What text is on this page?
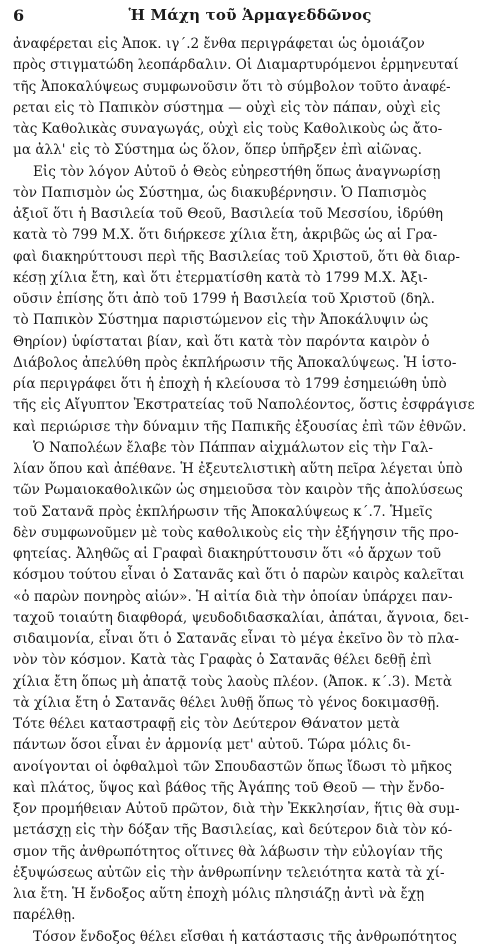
6	Ἡ Μάχη τοῦ Ἁρμαγεδδῶνος
ἀναφέρεται εἰς Ἀποκ. ιγ΄.2 ἔνθα περιγράφεται ὡς ὁμοιάζον
πρὸς στιγματώδη λεοπάρδαλιν. Οἱ Διαμαρτυρόμενοι ἑρμηνευταί
τῆς Ἀποκαλύψεως συμφωνοῦσιν ὅτι τὸ σύμβολον τοῦτο ἀναφέ-
ρεται εἰς τὸ Παπικὸν σύστημα — οὐχὶ εἰς τὸν πάπαν, οὐχὶ εἰς
τὰς Καθολικὰς συναγωγάς, οὐχὶ εἰς τοὺς Καθολικοὺς ὡς ἄτο-
μα ἀλλ' εἰς τὸ Σύστημα ὡς ὅλον, ὅπερ ὑπῆρξεν ἐπὶ αἰῶνας.
Εἰς τὸν λόγον Αὐτοῦ ὁ Θεὸς εὐηρεστήθη ὅπως ἀναγνωρίσῃ
τὸν Παπισμὸν ὡς Σύστημα, ὡς διακυβέρνησιν. Ὁ Παπισμὸς
ἀξιοῖ ὅτι ἡ Βασιλεία τοῦ Θεοῦ, Βασιλεία τοῦ Μεσσίου, ἱδρύθη
κατὰ τὸ 799 Μ.Χ. ὅτι διήρκεσε χίλια ἔτη, ἀκριβῶς ὡς αἱ Γρα-
φαὶ διακηρύττουσι περὶ τῆς Βασιλείας τοῦ Χριστοῦ, ὅτι θὰ διαρ-
κέσῃ χίλια ἔτη, καὶ ὅτι ἐτερματίσθη κατὰ τὸ 1799 Μ.Χ. Ἀξι-
οῦσιν ἐπίσης ὅτι ἀπὸ τοῦ 1799 ἡ Βασιλεία τοῦ Χριστοῦ (δηλ.
τὸ Παπικὸν Σύστημα παριστώμενον εἰς τὴν Ἀποκάλυψιν ὡς
Θηρίον) ὑφίσταται βίαν, καὶ ὅτι κατὰ τὸν παρόντα καιρὸν ὁ
Διάβολος ἀπελύθη πρὸς ἐκπλήρωσιν τῆς Ἀποκαλύψεως. Ἡ ἱστο-
ρία περιγράφει ὅτι ἡ ἐποχὴ ἡ κλείουσα τὸ 1799 ἐσημειώθη ὑπὸ
τῆς εἰς Αἴγυπτον Ἐκστρατείας τοῦ Ναπολέοντος, ὅστις ἐσφράγισε
καὶ περιώρισε τὴν δύναμιν τῆς Παπικῆς ἐξουσίας ἐπὶ τῶν ἐθνῶν.
Ὁ Ναπολέων ἔλαβε τὸν Πάππαν αἰχμάλωτον εἰς τὴν Γαλ-
λίαν ὅπου καὶ ἀπέθανε. Ἡ ἐξευτελιστικὴ αὕτη πεῖρα λέγεται ὑπὸ
τῶν Ρωμαιοκαθολικῶν ὡς σημειοῦσα τὸν καιρὸν τῆς ἀπολύσεως
τοῦ Σατανᾶ πρὸς ἐκπλήρωσιν τῆς Ἀποκαλύψεως κ΄.7. Ἡμεῖς
δὲν συμφωνοῦμεν μὲ τοὺς καθολικοὺς εἰς τὴν ἐξήγησιν τῆς προ-
φητείας. Ἀληθῶς αἱ Γραφαὶ διακηρύττουσιν ὅτι «ὁ ἄρχων τοῦ
κόσμου τούτου εἶναι ὁ Σατανᾶς καὶ ὅτι ὁ παρὼν καιρὸς καλεῖται
«ὁ παρὼν πονηρὸς αἰών». Ἡ αἰτία διὰ τὴν ὁποίαν ὑπάρχει παν-
ταχοῦ τοιαύτη διαφθορά, ψευδοδιδασκαλίαι, ἀπάται, ἄγνοια, δει-
σιδαιμονία, εἶναι ὅτι ὁ Σατανᾶς εἶναι τὸ μέγα ἐκεῖνο ὂν τὸ πλα-
νὸν τὸν κόσμον. Κατὰ τὰς Γραφὰς ὁ Σατανᾶς θέλει δεθῇ ἐπὶ
χίλια ἔτη ὅπως μὴ ἀπατᾷ τοὺς λαοὺς πλέον. (Ἀποκ. κ΄.3). Μετὰ
τὰ χίλια ἔτη ὁ Σατανᾶς θέλει λυθῇ ὅπως τὸ γένος δοκιμασθῇ.
Τότε θέλει καταστραφῇ εἰς τὸν Δεύτερον Θάνατον μετὰ
πάντων ὅσοι εἶναι ἐν ἁρμονίᾳ μετ' αὐτοῦ. Τώρα μόλις δι-
ανοίγονται οἱ ὀφθαλμοὶ τῶν Σπουδαστῶν ὅπως ἴδωσι τὸ μῆκος
καὶ πλάτος, ὕψος καὶ βάθος τῆς Ἀγάπης τοῦ Θεοῦ — τὴν ἔνδο-
ξον προμήθειαν Αὐτοῦ πρῶτον, διὰ τὴν Ἐκκλησίαν, ἥτις θὰ συμ-
μετάσχῃ εἰς τὴν δόξαν τῆς Βασιλείας, καὶ δεύτερον διὰ τὸν κό-
σμον τῆς ἀνθρωπότητος οἵτινες θὰ λάβωσιν τὴν εὐλογίαν τῆς
ἐξυψώσεως αὐτῶν εἰς τὴν ἀνθρωπίνην τελειότητα κατὰ τὰ χί-
λια ἔτη. Ἡ ἔνδοξος αὕτη ἐποχὴ μόλις πλησιάζῃ ἀντὶ νὰ ἔχῃ
παρέλθῃ.
Τόσον ἔνδοξος θέλει εἴσθαι ἡ κατάστασις τῆς ἀνθρωπότητος
